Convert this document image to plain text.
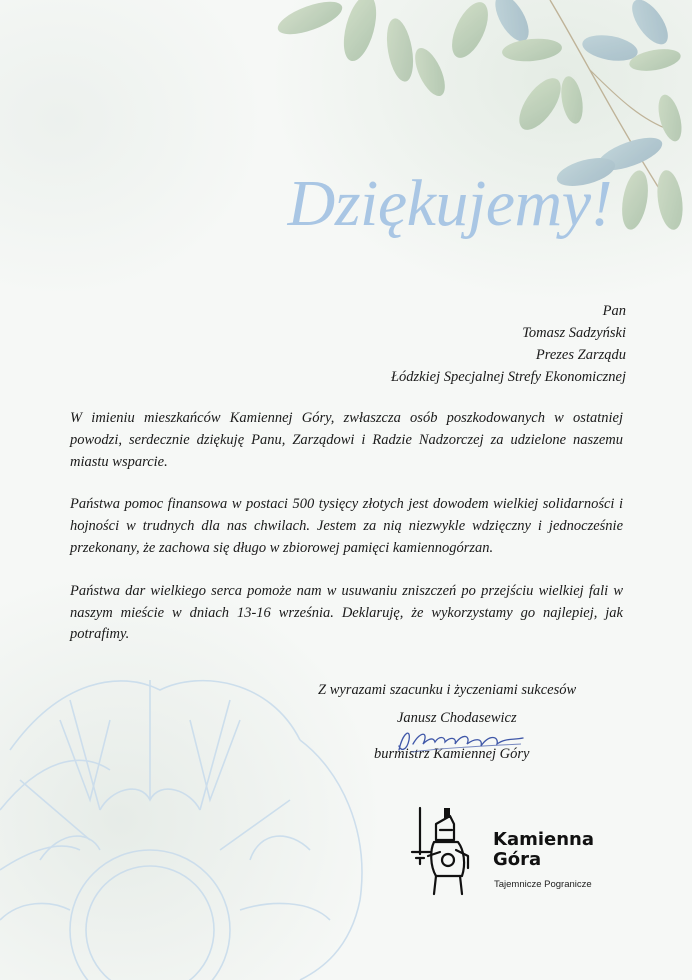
Dziękujemy!
Pan
Tomasz Sadzyński
Prezes Zarządu
Łódzkiej Specjalnej Strefy Ekonomicznej

W imieniu mieszkańców Kamiennej Góry, zwłaszcza osób poszkodowanych w ostatniej powodzi, serdecznie dziękuję Panu, Zarządowi i Radzie Nadzorczej za udzielone naszemu miastu wsparcie.

Państwa pomoc finansowa w postaci 500 tysięcy złotych jest dowodem wielkiej solidarności i hojności w trudnych dla nas chwilach. Jestem za nią niezwykle wdzięczny i jednocześnie przekonany, że zachowa się długo w zbiorowej pamięci kamiennogórzan.

Państwa dar wielkiego serca pomoże nam w usuwaniu zniszczeń po przejściu wielkiej fali w naszym mieście w dniach 13-16 września. Deklaruję, że wykorzystamy go najlepiej, jak potrafimy.

Z wyrazami szacunku i życzeniami sukcesów
Janusz Chodasewicz
burmistrz Kamiennej Góry
Kamienna
Góra
Tajemnicze Pogranicze
